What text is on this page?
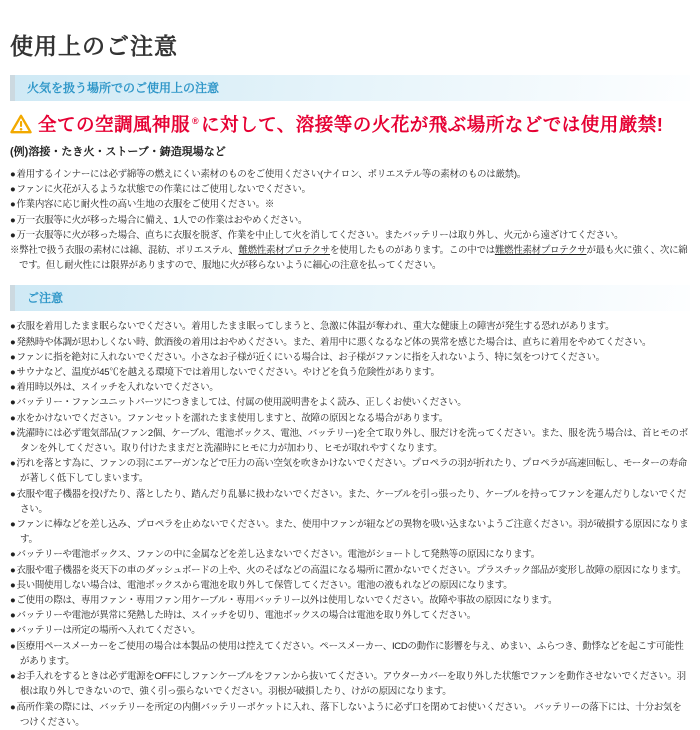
使用上のご注意
火気を扱う場所でのご使用上の注意
全ての空調風神服 ® に対して、溶接等の火花が飛ぶ場所などでは使用厳禁!
(例)溶接・たき火・ストーブ・鋳造現場など
● 着用するインナーには必ず綿等の燃えにくい素材のものをご使用ください(ナイロン、ポリエステル等の素材のものは厳禁)。
● ファンに火花が入るような状態での作業にはご使用しないでください。
● 作業内容に応じ耐火性の高い生地の衣服をご使用ください。※
● 万一衣服等に火が移った場合に備え、1人での作業はおやめください。
● 万一衣服等に火が移った場合、直ちに衣服を脱ぎ、作業を中止して火を消してください。またバッテリーは取り外し、火元から遠ざけてください。

※弊社で扱う衣服の素材には綿、混紡、ポリエステル、難燃性素材プロテクサを使用したものがあります。この中では難燃性素材プロテクサが最も火に強く、次に綿です。但し耐火性には限界がありますので、服地に火が移らないように細心の注意を払ってください。

ご注意
● 衣服を着用したまま眠らないでください。着用したまま眠ってしまうと、急激に体温が奪われ、重大な健康上の障害が発生する恐れがあります。
● 発熱時や体調が思わしくない時、飲酒後の着用はおやめください。また、着用中に悪くなるなど体の異常を感じた場合は、直ちに着用をやめてください。
● ファンに指を絶対に入れないでください。小さなお子様が近くにいる場合は、お子様がファンに指を入れないよう、特に気をつけてください。
● サウナなど、温度が45℃を越える環境下では着用しないでください。やけどを負う危険性があります。
● 着用時以外は、スイッチを入れないでください。
● バッテリー・ファンユニットパーツにつきましては、付属の使用説明書をよく読み、正しくお使いください。
● 水をかけないでください。ファンセットを濡れたまま使用しますと、故障の原因となる場合があります。
● 洗濯時には必ず電気部品(ファン2個、ケーブル、電池ボックス、電池、バッテリー)を全て取り外し、服だけを洗ってください。また、服を洗う場合は、首ヒモのボタンを外してください。取り付けたままだと洗濯時にヒモに力が加わり、ヒモが取れやすくなります。
● 汚れを落とす為に、ファンの羽にエアーガンなどで圧力の高い空気を吹きかけないでください。プロペラの羽が折れたり、プロペラが高速回転し、モーターの寿命が著しく低下してしまいます。
● 衣服や電子機器を投げたり、落としたり、踏んだり乱暴に扱わないでください。また、ケーブルを引っ張ったり、ケーブルを持ってファンを運んだりしないでください。
● ファンに棒などを差し込み、プロペラを止めないでください。また、使用中ファンが紐などの異物を吸い込まないようご注意ください。羽が破損する原因になります。
● バッテリーや電池ボックス、ファンの中に金属などを差し込まないでください。電池がショートして発熱等の原因になります。
● 衣服や電子機器を炎天下の車のダッシュボードの上や、火のそばなどの高温になる場所に置かないでください。プラスチック部品が変形し故障の原因になります。
● 長い間使用しない場合は、電池ボックスから電池を取り外して保管してください。電池の液もれなどの原因になります。
● ご使用の際は、専用ファン・専用ファン用ケーブル・専用バッテリー以外は使用しないでください。故障や事故の原因になります。
● バッテリーや電池が異常に発熱した時は、スイッチを切り、電池ボックスの場合は電池を取り外してください。
● バッテリーは所定の場所へ入れてください。
● 医療用ペースメーカーをご使用の場合は本製品の使用は控えてください。ペースメーカー、ICDの動作に影響を与え、めまい、ふらつき、動悸などを起こす可能性があります。
● お手入れをするときは必ず電源をOFFにしファンケーブルをファンから抜いてください。アウターカバーを取り外した状態でファンを動作させないでください。羽根は取り外しできないので、強く引っ張らないでください。羽根が破損したり、けがの原因になります。
● 高所作業の際には、バッテリーを所定の内側バッテリーポケットに入れ、落下しないように必ず口を閉めてお使いください。 バッテリーの落下には、十分お気をつけください。
